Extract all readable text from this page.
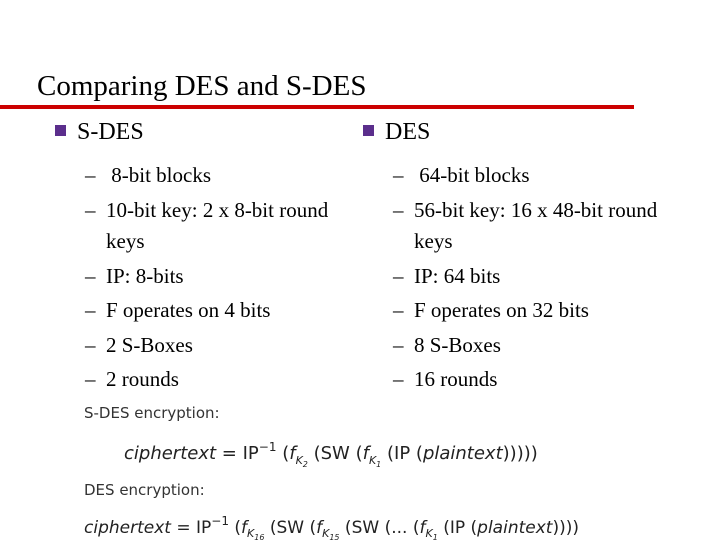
Comparing DES and S-DES
S-DES
– 8-bit blocks
– 10-bit key: 2 x 8-bit round keys
– IP: 8-bits
– F operates on 4 bits
– 2 S-Boxes
– 2 rounds
DES
– 64-bit blocks
– 56-bit key: 16 x 48-bit round keys
– IP: 64 bits
– F operates on 32 bits
– 8 S-Boxes
– 16 rounds
S-DES encryption:
ciphertext = $IP^{-1}$ ($f_{K_2}$ (SW ($f_{K_1}$ (IP (plaintext)))))
DES encryption:
ciphertext = $IP^{-1}$ ($f_{K_{16}}$ (SW ($f_{K_{15}}$ (SW (... ($f_{K_1}$ (IP (plaintext))))
